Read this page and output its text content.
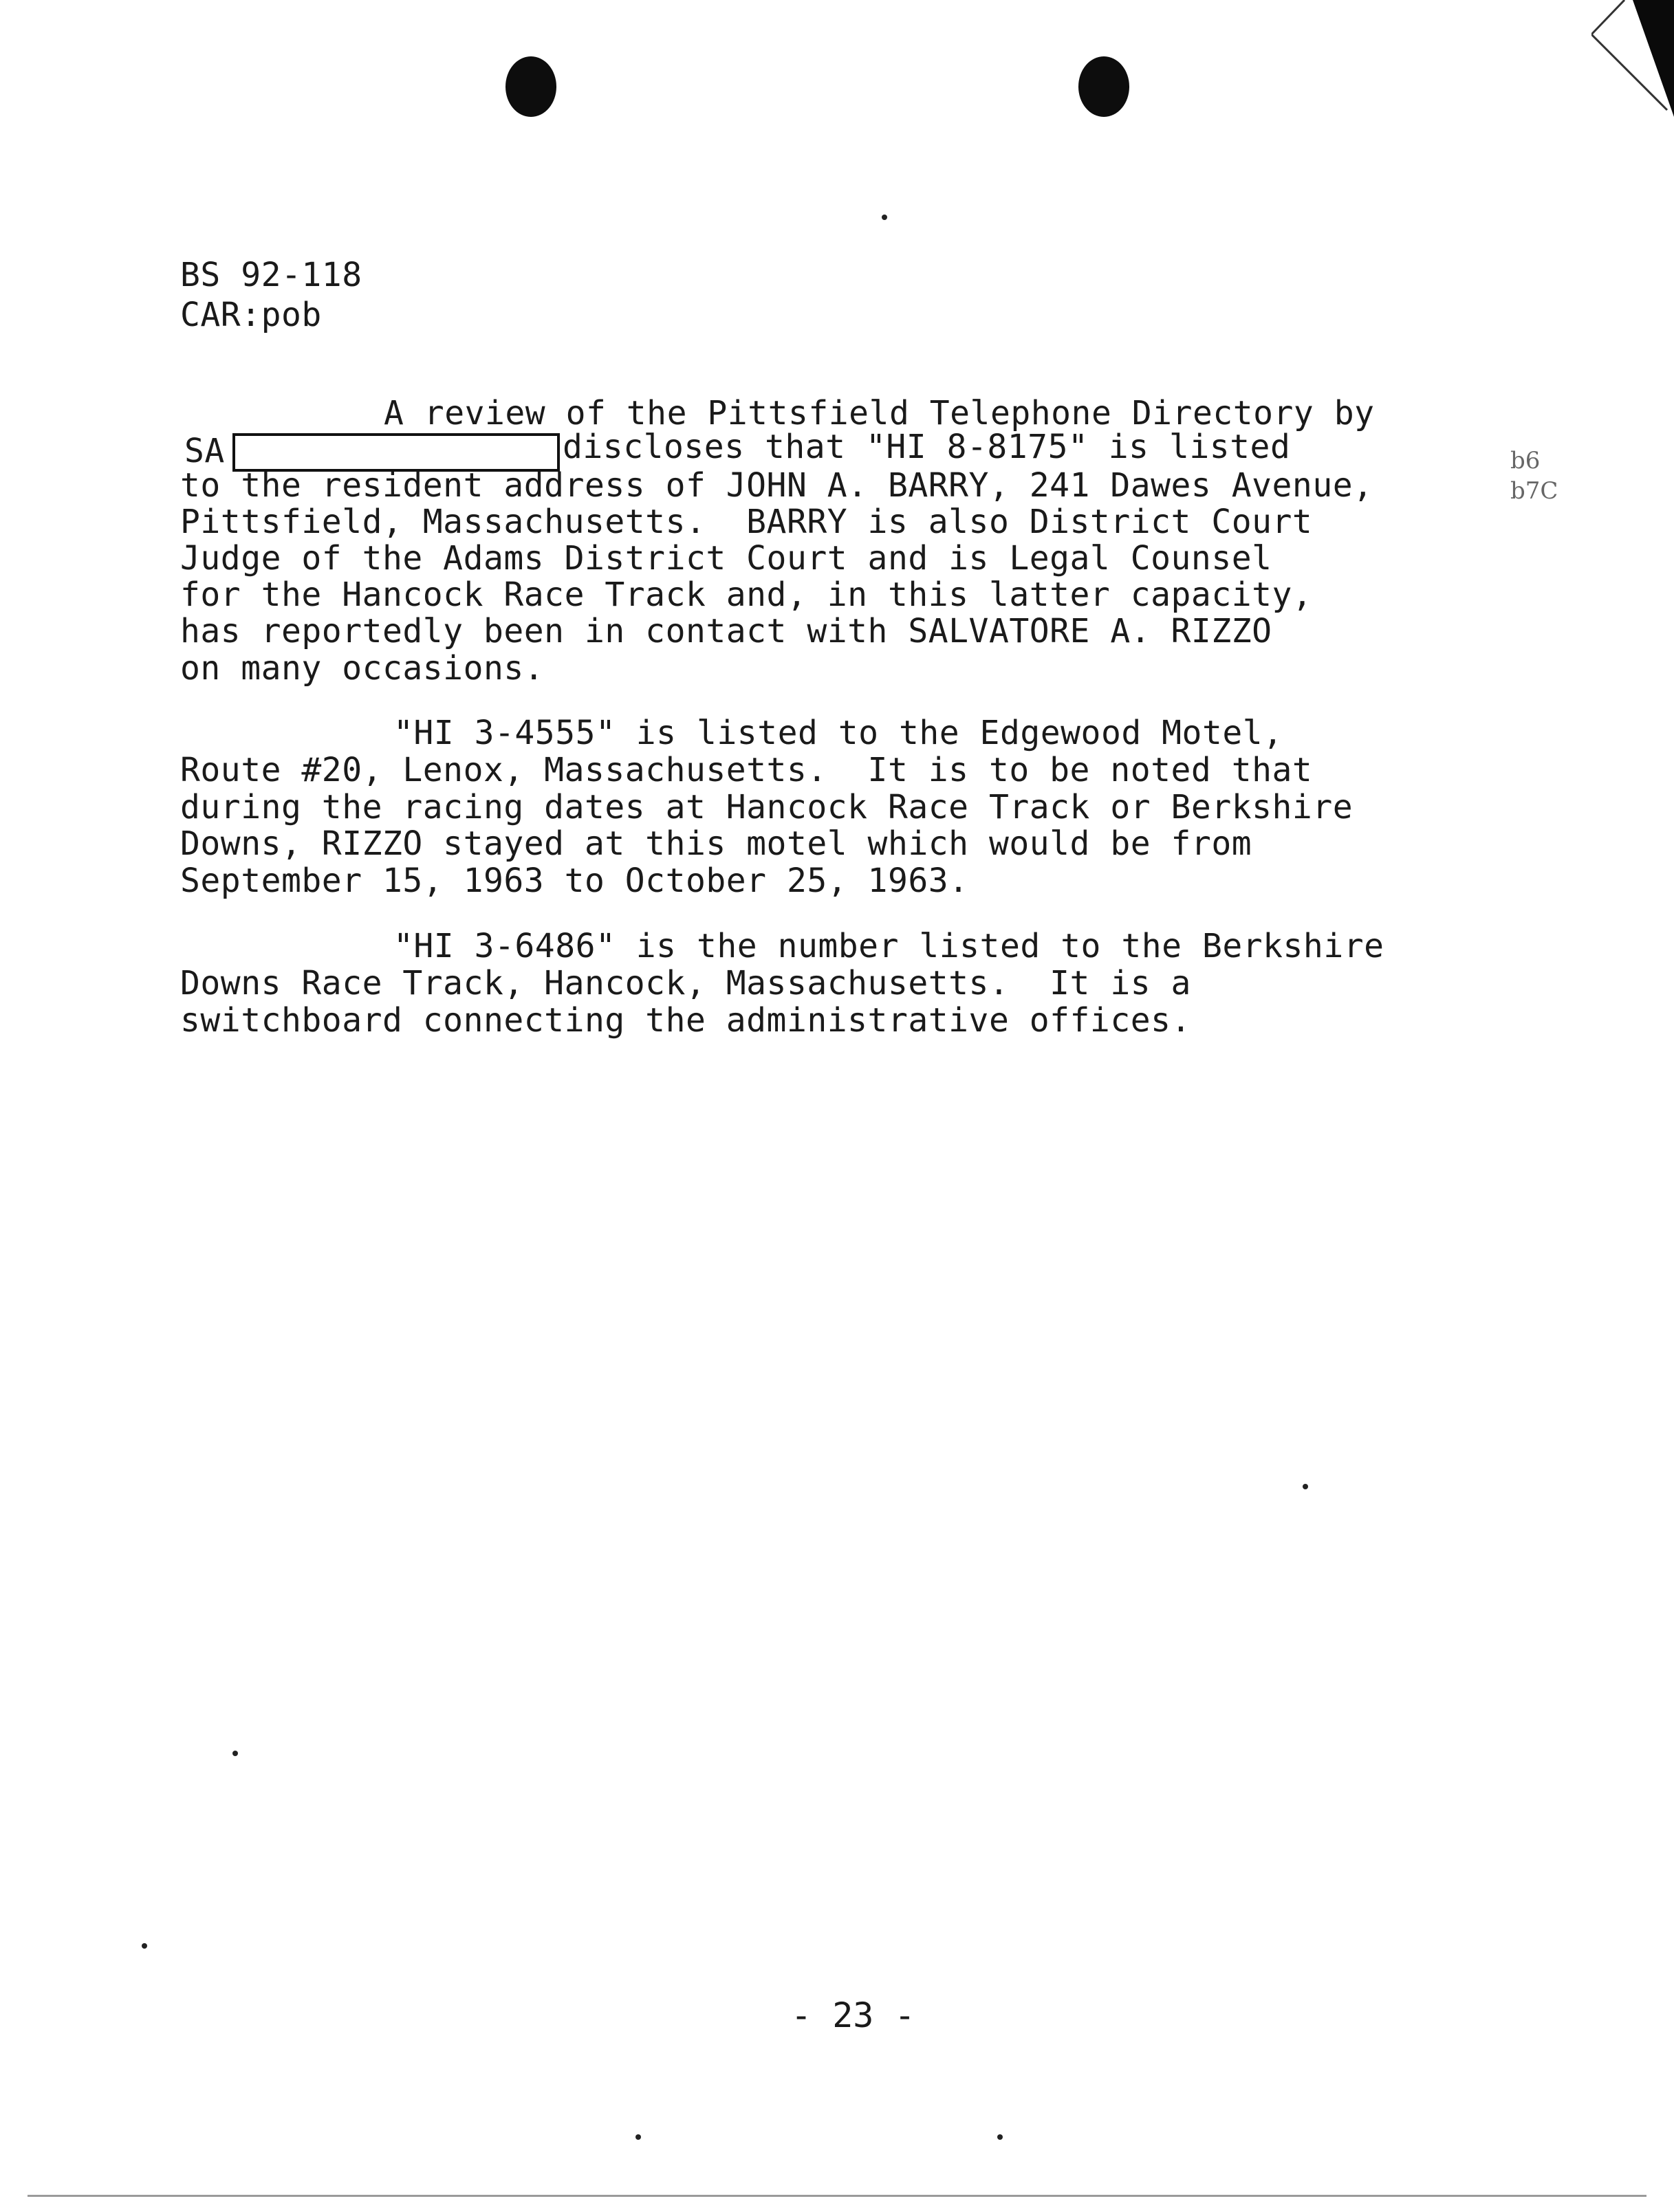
BS 92-118
CAR:pob
A review of the Pittsfield Telephone Directory by
SA	discloses that "HI 8-8175" is listed
to the resident address of JOHN A. BARRY, 241 Dawes Avenue,
Pittsfield, Massachusetts.  BARRY is also District Court
Judge of the Adams District Court and is Legal Counsel
for the Hancock Race Track and, in this latter capacity,
has reportedly been in contact with SALVATORE A. RIZZO
on many occasions.
b6
b7C
"HI 3-4555" is listed to the Edgewood Motel,
Route #20, Lenox, Massachusetts.  It is to be noted that
during the racing dates at Hancock Race Track or Berkshire
Downs, RIZZO stayed at this motel which would be from
September 15, 1963 to October 25, 1963.
"HI 3-6486" is the number listed to the Berkshire
Downs Race Track, Hancock, Massachusetts.  It is a
switchboard connecting the administrative offices.
- 23 -
